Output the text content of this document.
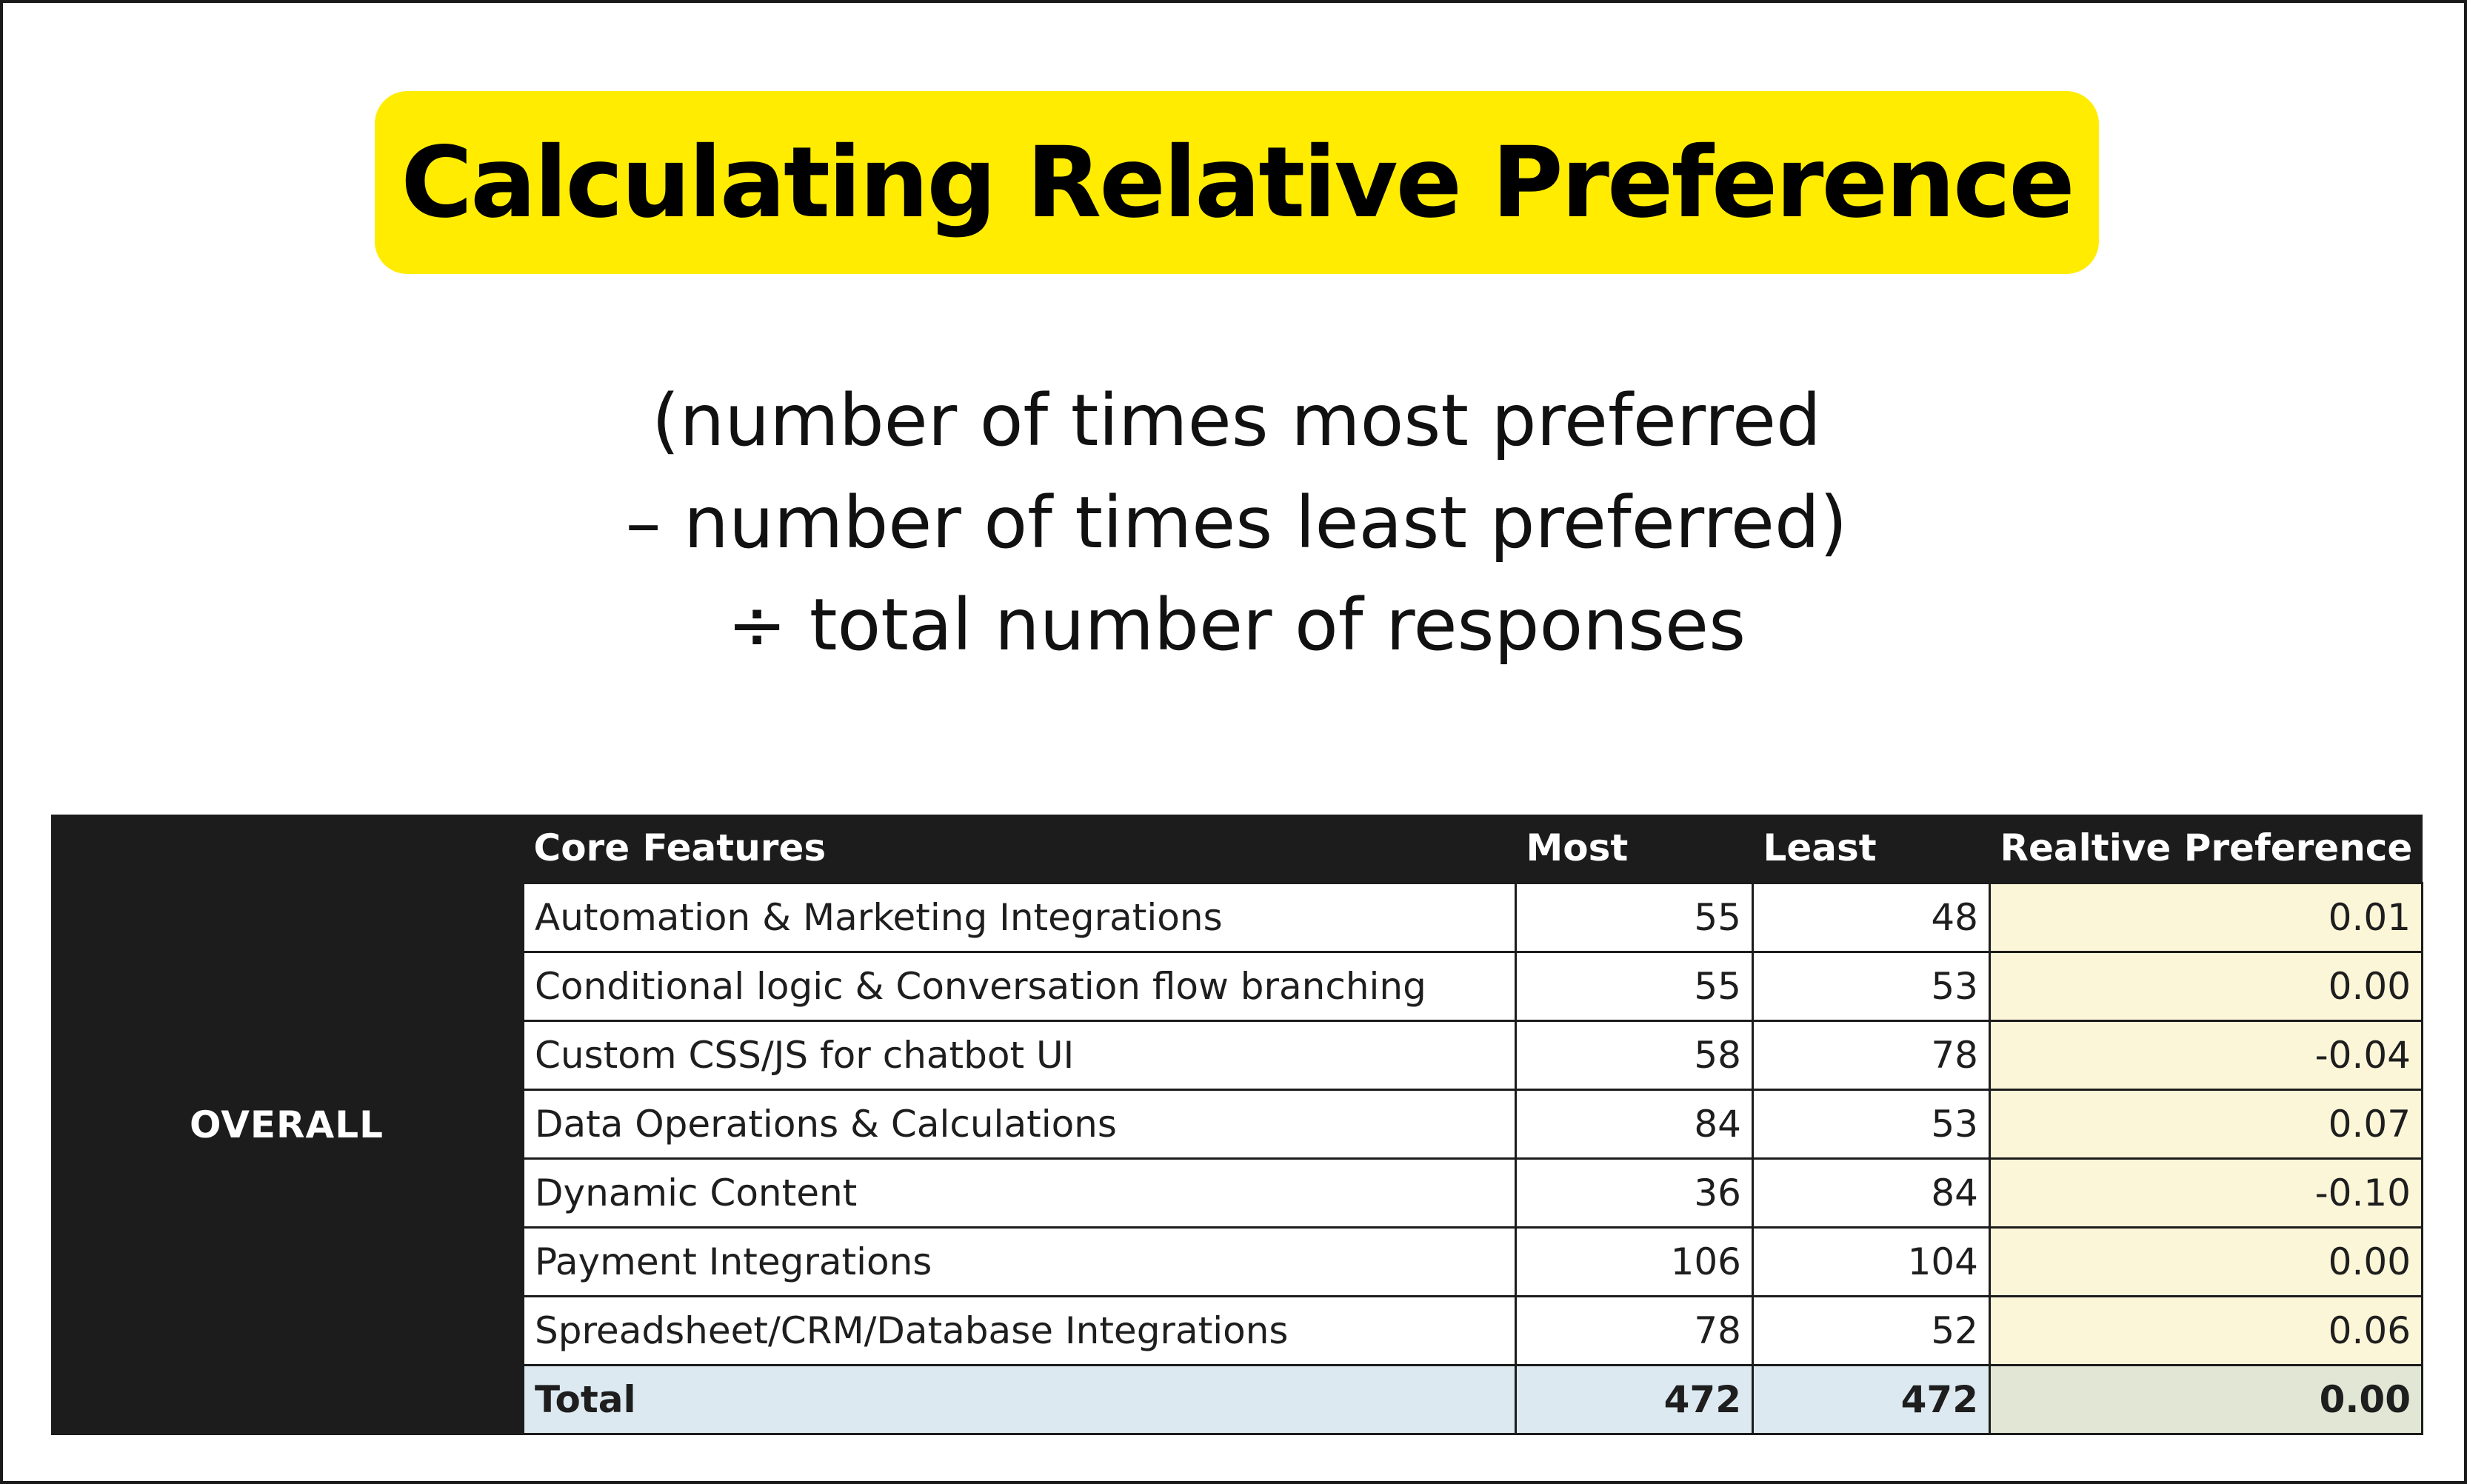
Calculating Relative Preference
(number of times most preferred
– number of times least preferred)
÷ total number of responses
OVERALL
Core Features	Most	Least	Realtive Preference
Automation & Marketing Integrations	55	48	0.01
Conditional logic & Conversation flow branching	55	53	0.00
Custom CSS/JS for chatbot UI	58	78	-0.04
Data Operations & Calculations	84	53	0.07
Dynamic Content	36	84	-0.10
Payment Integrations	106	104	0.00
Spreadsheet/CRM/Database Integrations	78	52	0.06
Total	472	472	0.00
